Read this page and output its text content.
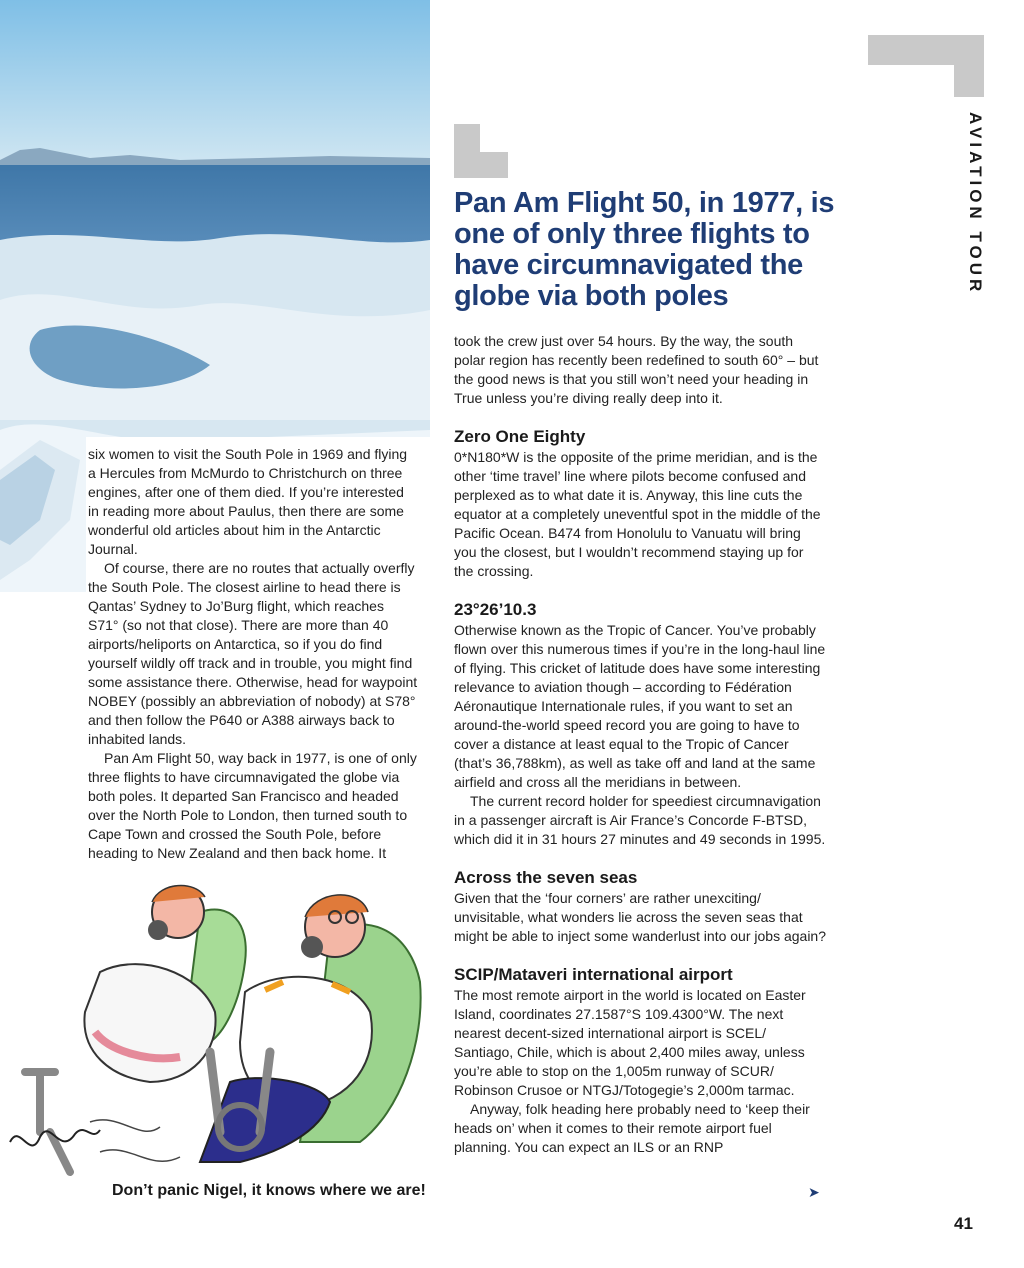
AVIATION TOUR
Pan Am Flight 50, in 1977, is one of only three flights to have circumnavigated the globe via both poles

six women to visit the South Pole in 1969 and flying a Hercules from McMurdo to Christchurch on three engines, after one of them died. If you’re interested in reading more about Paulus, then there are some wonderful old articles about him in the Antarctic Journal.

Of course, there are no routes that actually overfly the South Pole. The closest airline to head there is Qantas’ Sydney to Jo’Burg flight, which reaches S71° (so not that close). There are more than 40 airports/heliports on Antarctica, so if you do find yourself wildly off track and in trouble, you might find some assistance there. Otherwise, head for waypoint NOBEY (possibly an abbreviation of nobody) at S78° and then follow the P640 or A388 airways back to inhabited lands.

Pan Am Flight 50, way back in 1977, is one of only three flights to have circumnavigated the globe via both poles. It departed San Francisco and headed over the North Pole to London, then turned south to Cape Town and crossed the South Pole, before heading to New Zealand and then back home. It

took the crew just over 54 hours. By the way, the south polar region has recently been redefined to south 60° – but the good news is that you still won’t need your heading in True unless you’re diving really deep into it.

Zero One Eighty

0*N180*W is the opposite of the prime meridian, and is the other ‘time travel’ line where pilots become confused and perplexed as to what date it is. Anyway, this line cuts the equator at a completely uneventful spot in the middle of the Pacific Ocean. B474 from Honolulu to Vanuatu will bring you the closest, but I wouldn’t recommend staying up for the crossing.

23°26’10.3

Otherwise known as the Tropic of Cancer. You’ve probably flown over this numerous times if you’re in the long-haul line of flying. This cricket of latitude does have some interesting relevance to aviation though – according to Fédération Aéronautique Internationale rules, if you want to set an around-the-world speed record you are going to have to cover a distance at least equal to the Tropic of Cancer (that’s 36,788km), as well as take off and land at the same airfield and cross all the meridians in between.

The current record holder for speediest circumnavigation in a passenger aircraft is Air France’s Concorde F-BTSD, which did it in 31 hours 27 minutes and 49 seconds in 1995.

Across the seven seas

Given that the ‘four corners’ are rather unexciting/ unvisitable, what wonders lie across the seven seas that might be able to inject some wanderlust into our jobs again?

SCIP/Mataveri international airport

The most remote airport in the world is located on Easter Island, coordinates 27.1587°S 109.4300°W. The next nearest decent-sized international airport is SCEL/ Santiago, Chile, which is about 2,400 miles away, unless you’re able to stop on the 1,005m runway of SCUR/ Robinson Crusoe or NTGJ/Totogegie’s 2,000m tarmac.

Anyway, folk heading here probably need to ‘keep their heads on’ when it comes to their remote airport fuel planning. You can expect an ILS or an RNP

Don’t panic Nigel, it knows where we are!	➤
41
